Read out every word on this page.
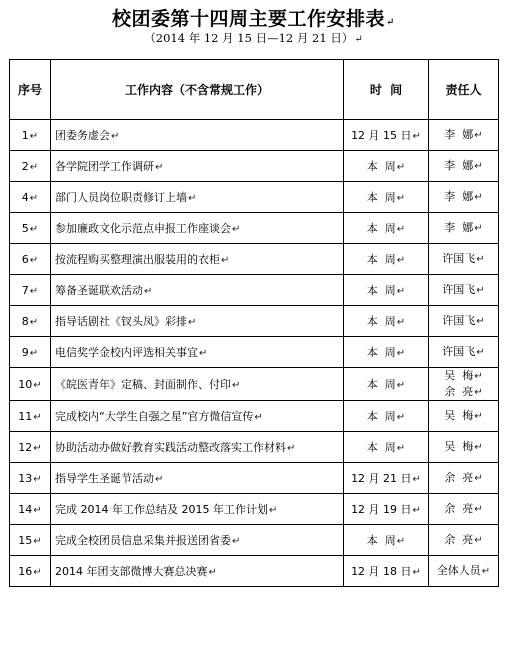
校团委第十四周主要工作安排表↵
（2014 年 12 月 15 日—12 月 21 日）↵
序号	工作内容（不含常规工作）	时  间	责任人
1↵	团委务虚会↵	12 月 15 日↵	李  娜↵

2↵	各学院团学工作调研↵	本  周↵	李  娜↵

4↵	部门人员岗位职责修订上墙↵	本  周↵	李  娜↵

5↵	参加廉政文化示范点申报工作座谈会↵	本  周↵	李  娜↵

6↵	按流程购买整理演出服装用的衣柜↵	本  周↵	许国飞↵

7↵	筹备圣诞联欢活动↵	本  周↵	许国飞↵

8↵	指导话剧社《钗头凤》彩排↵	本  周↵	许国飞↵

9↵	电信奖学金校内评选相关事宜↵	本  周↵	许国飞↵

10↵	《皖医青年》定稿、封面制作、付印↵	本  周↵	吴  梅↵
余  亮↵

11↵	完成校内“大学生自强之星”官方微信宣传↵	本  周↵	吴  梅↵

12↵	协助活动办做好教育实践活动整改落实工作材料↵	本  周↵	吴  梅↵

13↵	指导学生圣诞节活动↵	12 月 21 日↵	余  亮↵

14↵	完成 2014 年工作总结及 2015 年工作计划↵	12 月 19 日↵	余  亮↵

15↵	完成全校团员信息采集并报送团省委↵	本  周↵	余  亮↵

16↵	2014 年团支部微博大赛总决赛↵	12 月 18 日↵	全体人员↵
